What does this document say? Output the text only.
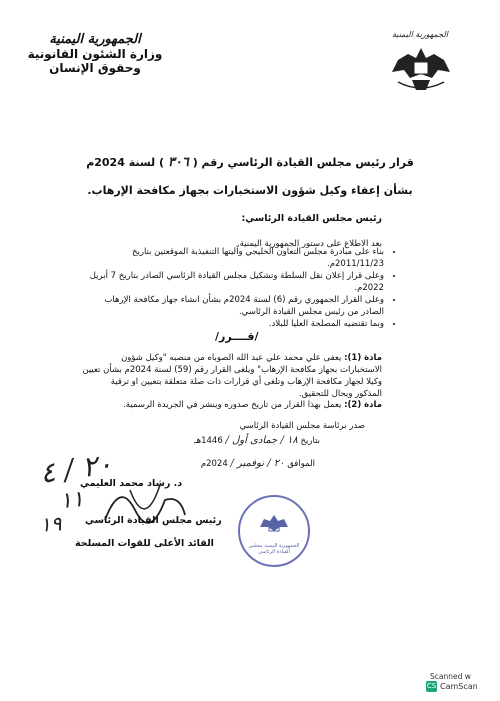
الجمهورية اليمنية
الجمهورية اليمنية
وزارة الشئون القانونية
وحقوق الإنسان
قرار رئيس مجلس القيادة الرئاسي رقم ( ٣٠٦ ) لسنة 2024م
بشأن إعفاء وكيل شؤون الاستخبارات بجهاز مكافحة الإرهاب.
رئيس مجلس القيادة الرئاسي:
بعد الاطلاع على دستور الجمهورية اليمنية.
• بناء على مبادرة مجلس التعاون الخليجي وآليتها التنفيذية الموقعتين بتاريخ 2011/11/23م.
• وعلى قرار إعلان نقل السلطة وتشكيل مجلس القيادة الرئاسي الصادر بتاريخ 7 أبريل 2022م.
• وعلى القرار الجمهوري رقم (6) لسنة 2024م بشأن انشاء جهاز مكافحة الإرهاب الصادر من رئيس مجلس القيادة الرئاسي.
• وبما تقتضيه المصلحة العليا للبلاد.
/قــــرر/
مادة (1): يعفى علي محمد علي عبد الله الصوباه من منصبه "وكيل شؤون الاستخبارات بجهاز مكافحة الإرهاب" ويلغى القرار رقم (59) لسنة 2024م بشأن تعيين وكيلا لجهاز مكافحة الإرهاب وتلغى أي قرارات ذات صلة متعلقة بتعيين او ترقية المذكور ويحال للتحقيق.
مادة (2): يعمل بهذا القرار من تاريخ صدوره وينشر في الجريدة الرسمية.
صدر برئاسة مجلس القيادة الرئاسي
بتاريخ ١٨ / جمادى أول / 1446هـ
الموافق ٢٠ / نوفمبر / 2024م
٢٠ / ٤
١١
١٩
د. رشاد محمد العليمي
رئيس مجلس القيادة الرئاسي
القائد الأعلى للقوات المسلحة	الجمهورية اليمنية مجلس القيادة الرئاسي
Scanned w
CS CamScan
